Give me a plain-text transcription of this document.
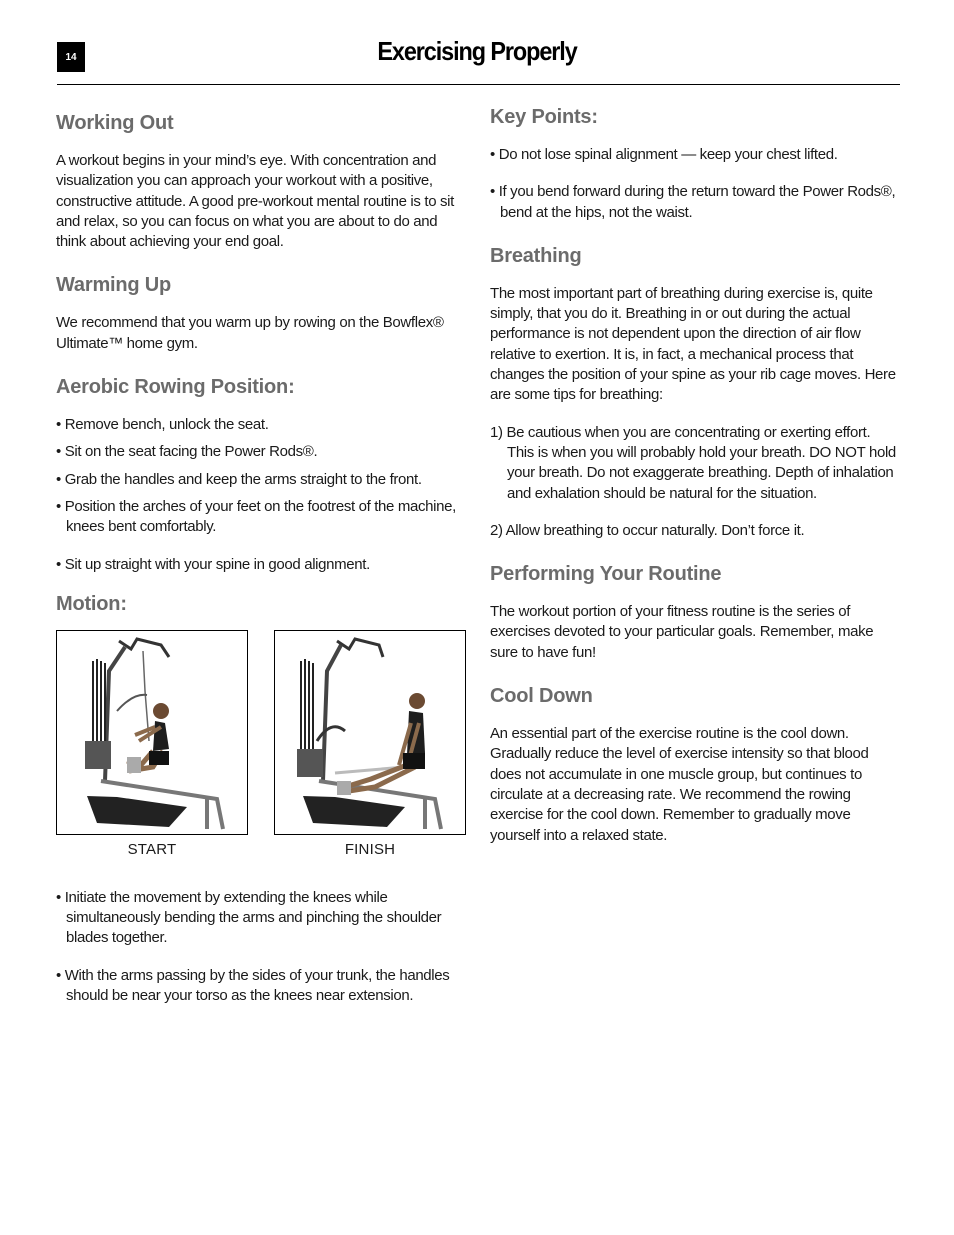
14	Exercising Properly
Working Out

A workout begins in your mind’s eye. With concentration and visualization you can approach your workout with a positive, constructive attitude. A good pre-workout mental routine is to sit and relax, so you can focus on what you are about to do and think about achieving your end goal.

Warming Up

We recommend that you warm up by rowing on the Bowflex® Ultimate™ home gym.

Aerobic Rowing Position:
• Remove bench, unlock the seat.
• Sit on the seat facing the Power Rods®.
• Grab the handles and keep the arms straight to the front.
• Position the arches of your feet on the footrest of the machine, knees bent comfortably.
• Sit up straight with your spine in good alignment.
Motion:
START	FINISH
• Initiate the movement by extending the knees while simultaneously bending the arms and pinching the shoulder blades together.
• With the arms passing by the sides of your trunk, the handles should be near your torso as the knees near extension.
Key Points:
• Do not lose spinal alignment — keep your chest lifted.
• If you bend forward during the return toward the Power Rods®, bend at the hips, not the waist.
Breathing

The most important part of breathing during exercise is, quite simply, that you do it. Breathing in or out during the actual performance is not dependent upon the direction of air flow relative to exertion. It is, in fact, a mechanical process that changes the position of your spine as your rib cage moves. Here are some tips for breathing:

1) Be cautious when you are concentrating or exerting effort. This is when you will probably hold your breath. DO NOT hold your breath. Do not exaggerate breathing. Depth of inhalation and exhalation should be natural for the situation.
2) Allow breathing to occur naturally. Don’t force it.
Performing Your Routine

The workout portion of your fitness routine is the series of exercises devoted to your particular goals. Remember, make sure to have fun!

Cool Down

An essential part of the exercise routine is the cool down. Gradually reduce the level of exercise intensity so that blood does not accumulate in one muscle group, but continues to circulate at a decreasing rate. We recommend the rowing exercise for the cool down. Remember to gradually move yourself into a relaxed state.
